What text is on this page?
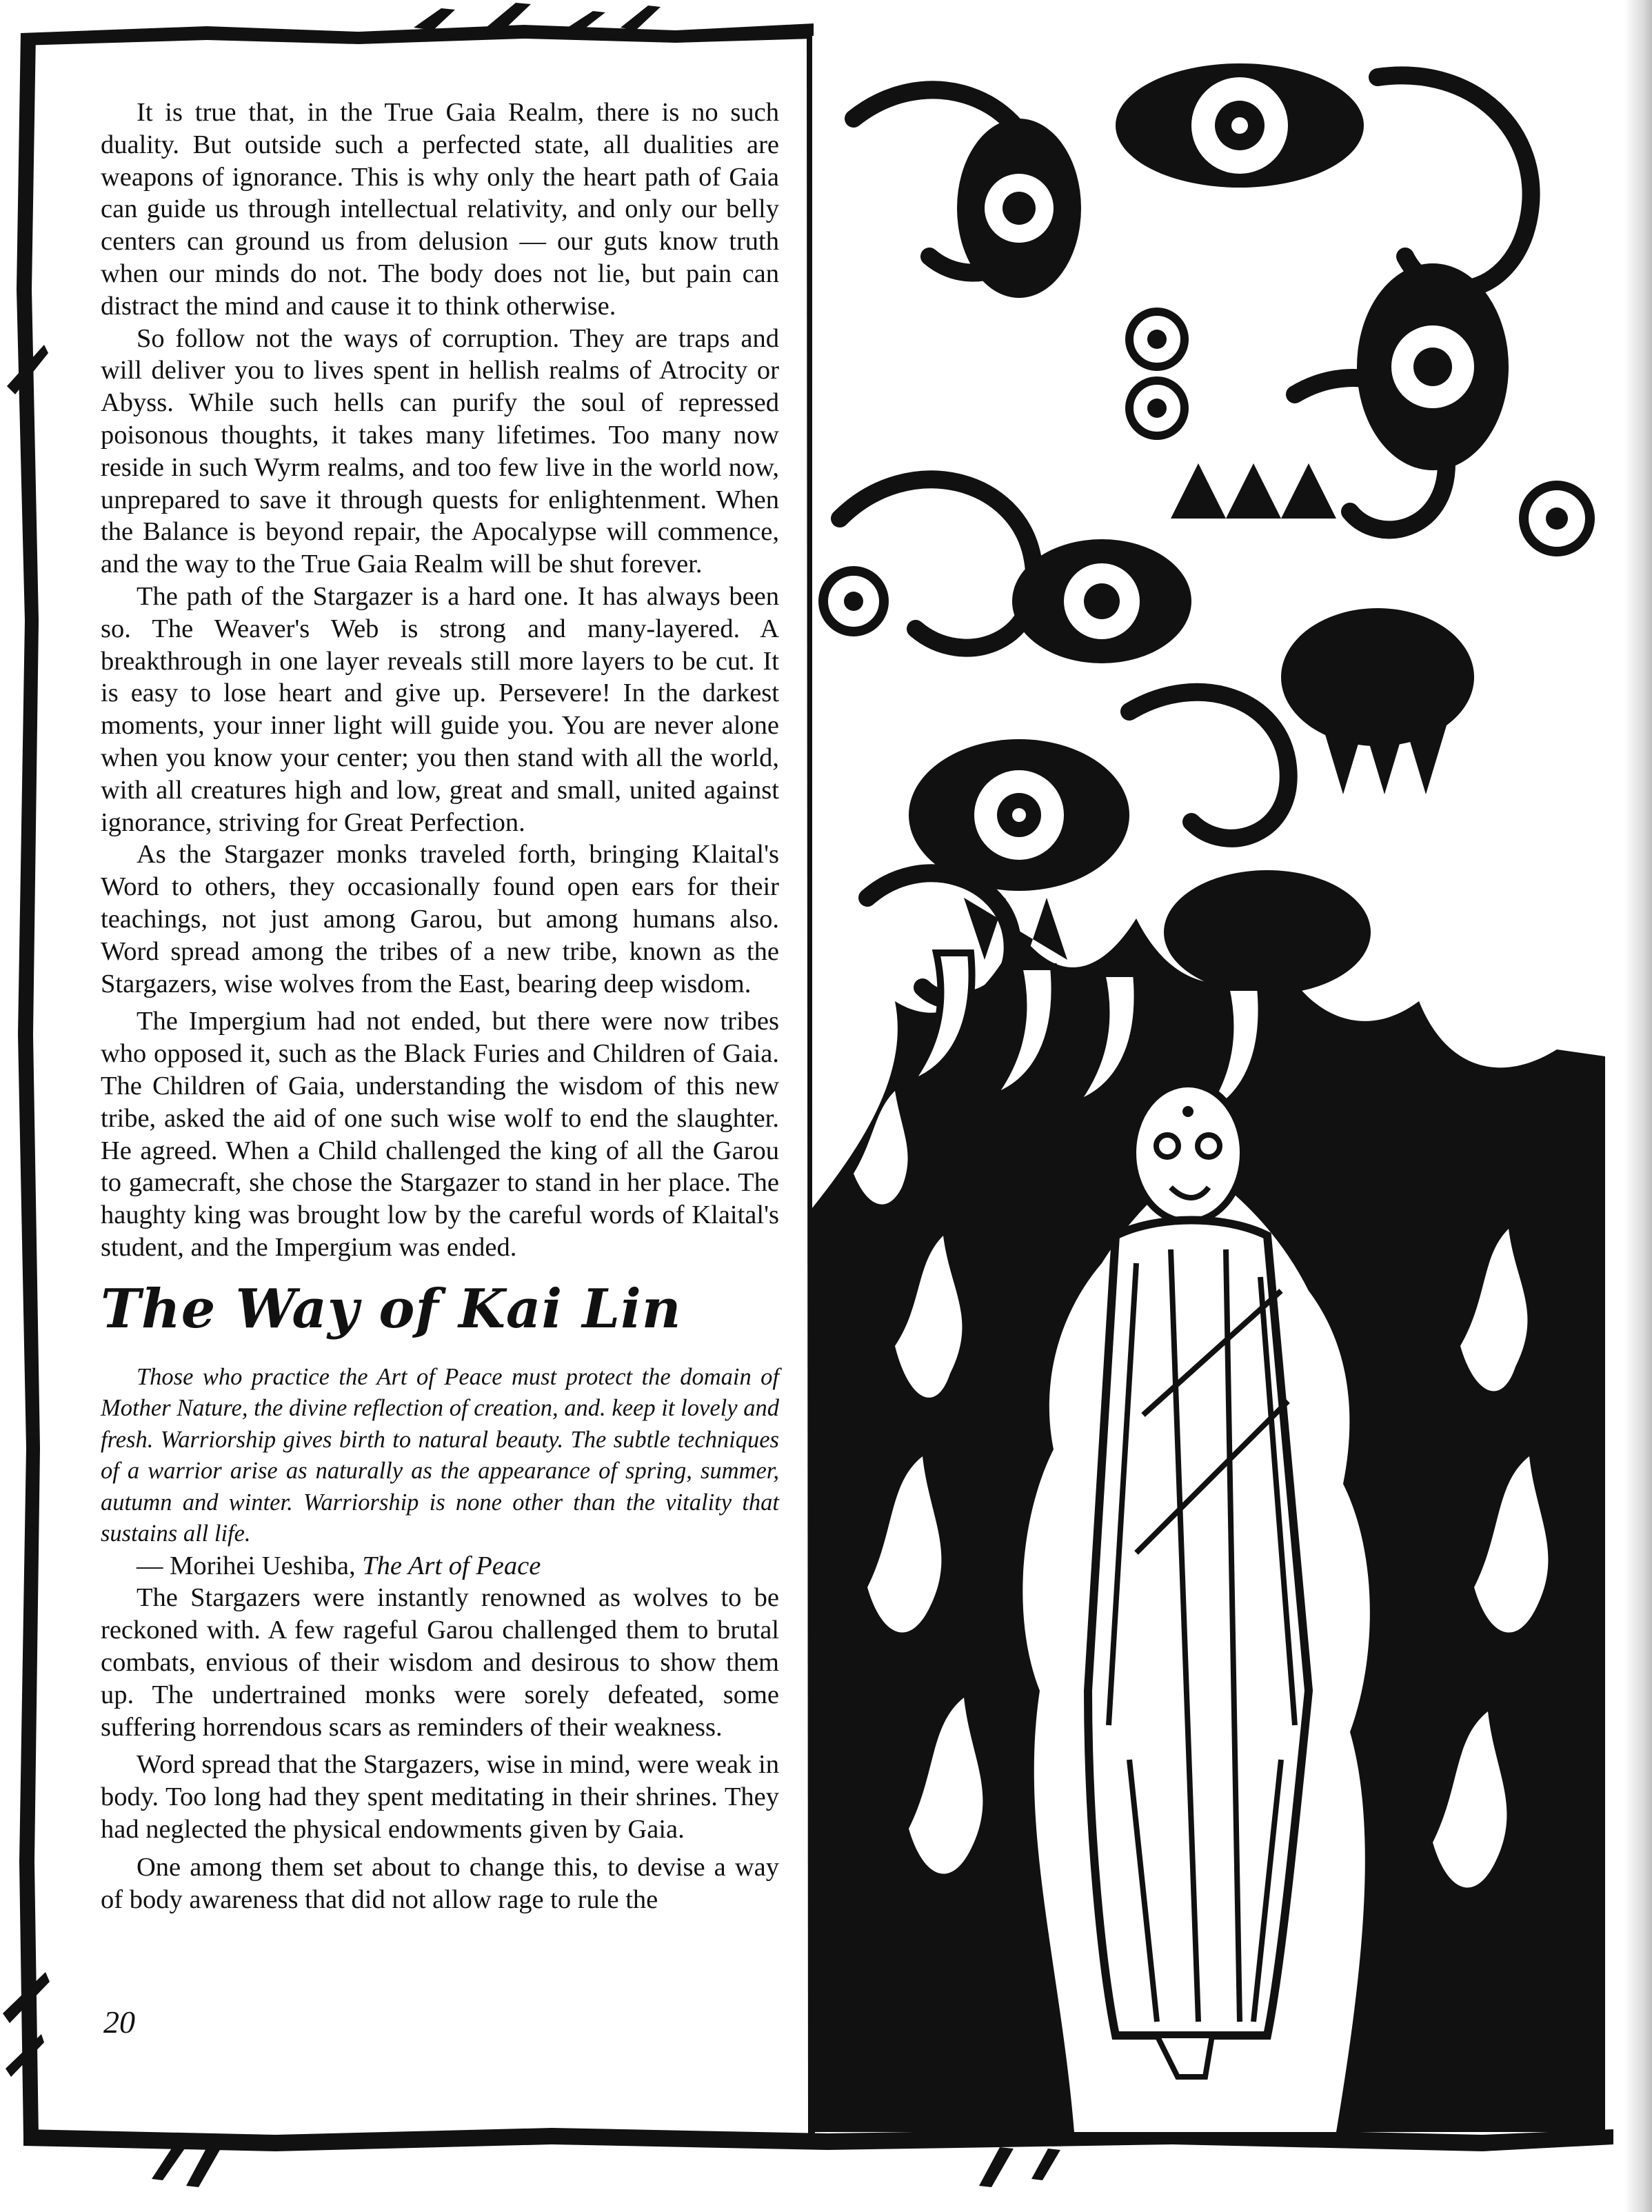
It is true that, in the True Gaia Realm, there is no such duality. But outside such a perfected state, all dualities are weapons of ignorance. This is why only the heart path of Gaia can guide us through intellectual relativity, and only our belly centers can ground us from delusion — our guts know truth when our minds do not. The body does not lie, but pain can distract the mind and cause it to think otherwise.

So follow not the ways of corruption. They are traps and will deliver you to lives spent in hellish realms of Atrocity or Abyss. While such hells can purify the soul of repressed poisonous thoughts, it takes many lifetimes. Too many now reside in such Wyrm realms, and too few live in the world now, unprepared to save it through quests for enlightenment. When the Balance is beyond repair, the Apocalypse will commence, and the way to the True Gaia Realm will be shut forever.

The path of the Stargazer is a hard one. It has always been so. The Weaver's Web is strong and many-layered. A breakthrough in one layer reveals still more layers to be cut. It is easy to lose heart and give up. Persevere! In the darkest moments, your inner light will guide you. You are never alone when you know your center; you then stand with all the world, with all creatures high and low, great and small, united against ignorance, striving for Great Perfection.

As the Stargazer monks traveled forth, bringing Klaital's Word to others, they occasionally found open ears for their teachings, not just among Garou, but among humans also. Word spread among the tribes of a new tribe, known as the Stargazers, wise wolves from the East, bearing deep wisdom.

The Impergium had not ended, but there were now tribes who opposed it, such as the Black Furies and Children of Gaia. The Children of Gaia, understanding the wisdom of this new tribe, asked the aid of one such wise wolf to end the slaughter. He agreed. When a Child challenged the king of all the Garou to gamecraft, she chose the Stargazer to stand in her place. The haughty king was brought low by the careful words of Klaital's student, and the Impergium was ended.

The Way of Kai Lin

Those who practice the Art of Peace must protect the domain of Mother Nature, the divine reflection of creation, and. keep it lovely and fresh. Warriorship gives birth to natural beauty. The subtle techniques of a warrior arise as naturally as the appearance of spring, summer, autumn and winter. Warriorship is none other than the vitality that sustains all life.

— Morihei Ueshiba, The Art of Peace

The Stargazers were instantly renowned as wolves to be reckoned with. A few rageful Garou challenged them to brutal combats, envious of their wisdom and desirous to show them up. The undertrained monks were sorely defeated, some suffering horrendous scars as reminders of their weakness.

Word spread that the Stargazers, wise in mind, were weak in body. Too long had they spent meditating in their shrines. They had neglected the physical endowments given by Gaia.

One among them set about to change this, to devise a way of body awareness that did not allow rage to rule the

20
SCAR
'97
